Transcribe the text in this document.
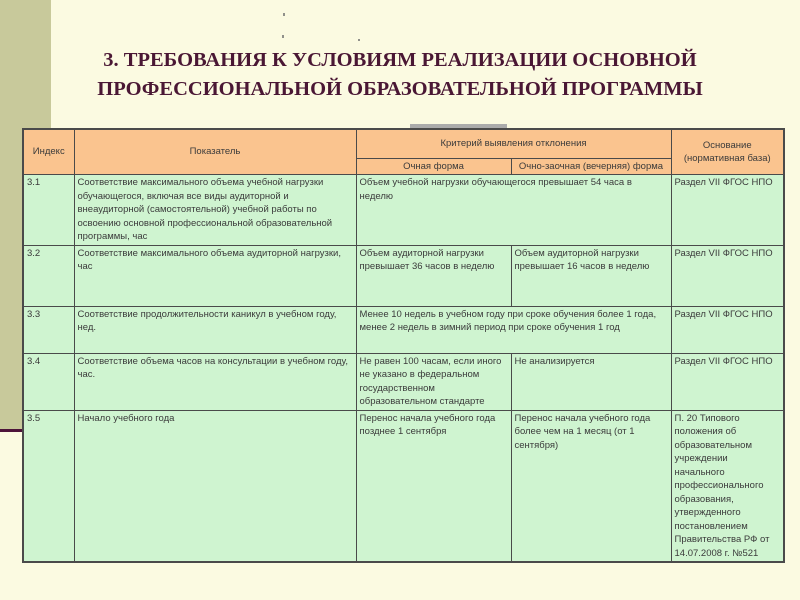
3. ТРЕБОВАНИЯ К УСЛОВИЯМ РЕАЛИЗАЦИИ ОСНОВНОЙ
ПРОФЕССИОНАЛЬНОЙ ОБРАЗОВАТЕЛЬНОЙ ПРОГРАММЫ
Индекс	Показатель	Критерий выявления отклонения		Основание (нормативная база)
		Очная форма	Очно-заочная (вечерняя) форма	
3.1	Соответствие максимального объема учебной нагрузки обучающегося, включая все виды аудиторной и внеаудиторной (самостоятельной) учебной работы по освоению основной профессиональной образовательной программы, час	Объем учебной нагрузки обучающегося превышает 54 часа в неделю		Раздел VII ФГОС НПО
3.2	Соответствие максимального объема аудиторной нагрузки, час	Объем аудиторной нагрузки превышает 36 часов в неделю	Объем аудиторной нагрузки превышает 16 часов в неделю	Раздел VII ФГОС НПО
3.3	Соответствие продолжительности каникул в учебном году, нед.	Менее 10 недель в учебном году при сроке обучения более 1 года, менее 2 недель в зимний период при сроке обучения 1 год		Раздел VII ФГОС НПО
3.4	Соответствие объема часов на консультации в учебном году, час.	Не равен 100 часам, если иного не указано в федеральном государственном образовательном стандарте	Не анализируется	Раздел VII ФГОС НПО
3.5	Начало учебного года	Перенос начала учебного года позднее 1 сентября	Перенос начала учебного года более чем на 1 месяц (от 1 сентября)	П. 20 Типового положения об образовательном учреждении начального профессионального образования, утвержденного постановлением Правительства РФ от 14.07.2008 г. №521
